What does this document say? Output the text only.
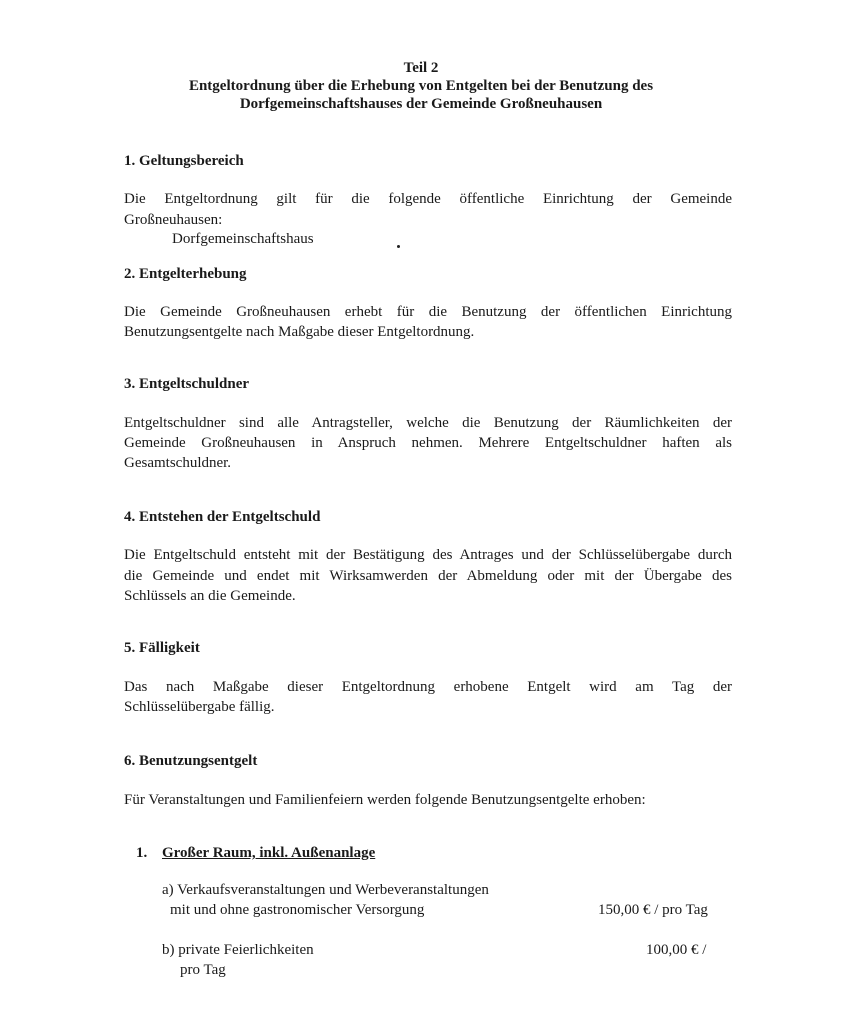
Teil 2
Entgeltordnung über die Erhebung von Entgelten bei der Benutzung des
Dorfgemeinschaftshauses der Gemeinde Großneuhausen
1. Geltungsbereich
Die Entgeltordnung gilt für die folgende öffentliche Einrichtung der Gemeinde
Großneuhausen:
Dorfgemeinschaftshaus
2. Entgelterhebung
Die Gemeinde Großneuhausen erhebt für die Benutzung der öffentlichen Einrichtung
Benutzungsentgelte nach Maßgabe dieser Entgeltordnung.
3. Entgeltschuldner
Entgeltschuldner sind alle Antragsteller, welche die Benutzung der Räumlichkeiten der
Gemeinde Großneuhausen in Anspruch nehmen. Mehrere Entgeltschuldner haften als
Gesamtschuldner.
4. Entstehen der Entgeltschuld
Die Entgeltschuld entsteht mit der Bestätigung des Antrages und der Schlüsselübergabe durch
die Gemeinde und endet mit Wirksamwerden der Abmeldung oder mit der Übergabe des
Schlüssels an die Gemeinde.
5. Fälligkeit
Das nach Maßgabe dieser Entgeltordnung erhobene Entgelt wird am Tag der
Schlüsselübergabe fällig.
6. Benutzungsentgelt
Für Veranstaltungen und Familienfeiern werden folgende Benutzungsentgelte erhoben:
1. Großer Raum, inkl. Außenanlage
a) Verkaufsveranstaltungen und Werbeveranstaltungen
mit und ohne gastronomischer Versorgung	150,00 € / pro Tag
b) private Feierlichkeiten
pro Tag
100,00 € /
